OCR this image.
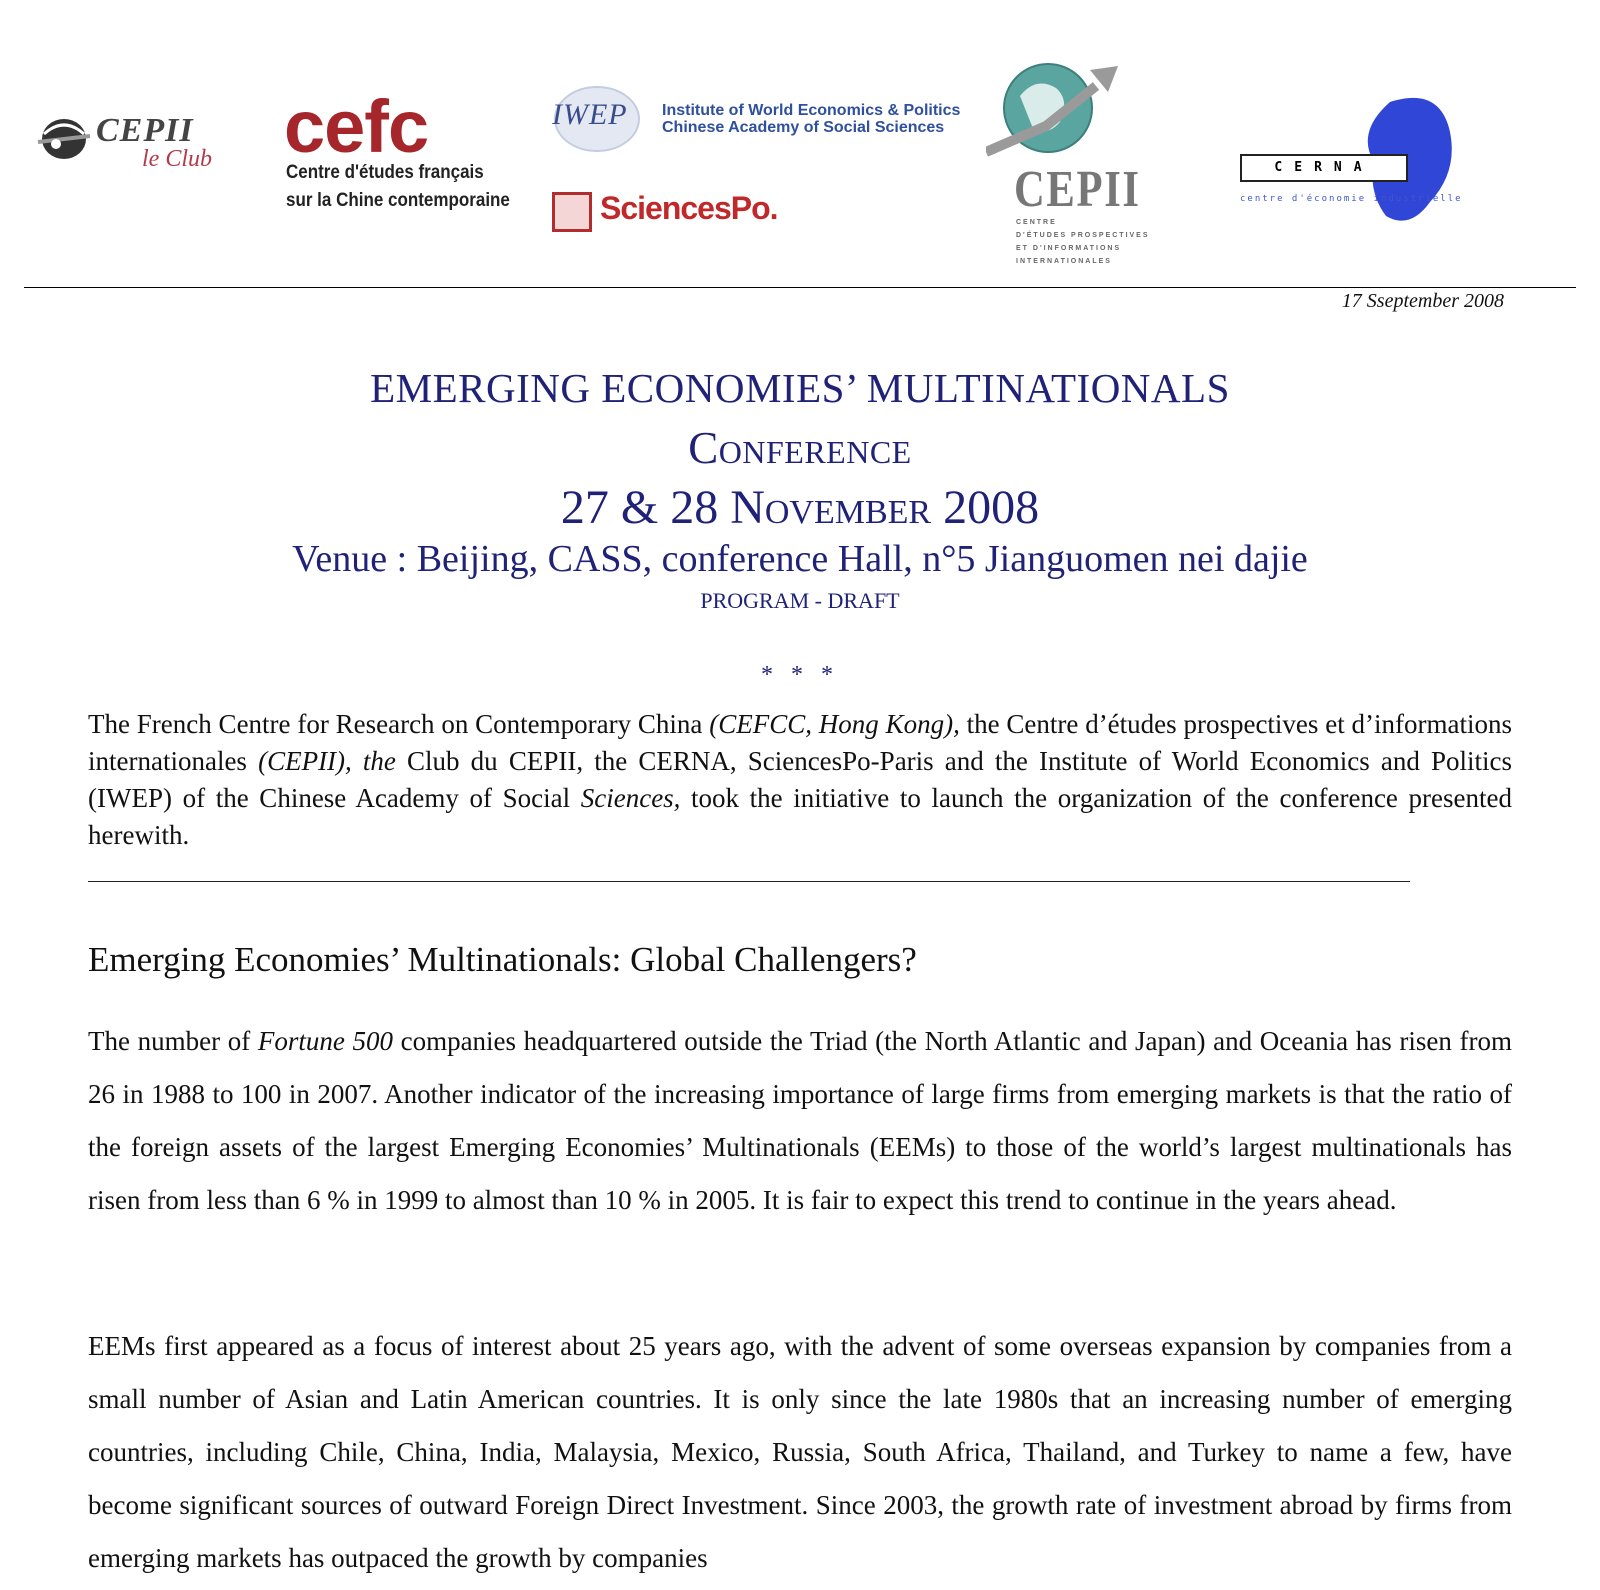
CEPII
le Club cefc
Centre d'études français
sur la Chine contemporaine
IWEP Institute of World Economics & Politics
Chinese Academy of Social Sciences
SciencesPo.	CEPII
CENTRE
D'ÉTUDES PROSPECTIVES
ET D'INFORMATIONS
INTERNATIONALES
CERNA
centre d'économie industrielle
17 Sseptember 2008
EMERGING ECONOMIES’ MULTINATIONALS
Conference
27 & 28 November 2008
Venue : Beijing, CASS, conference Hall, n°5 Jianguomen nei dajie
PROGRAM - DRAFT
* * *
The French Centre for Research on Contemporary China (CEFCC, Hong Kong), the Centre d’études prospectives et d’informations internationales (CEPII), the Club du CEPII, the CERNA, SciencesPo-Paris and the Institute of World Economics and Politics (IWEP) of the Chinese Academy of Social Sciences, took the initiative to launch the organization of the conference presented herewith.
Emerging Economies’ Multinationals: Global Challengers?
The number of Fortune 500 companies headquartered outside the Triad (the North Atlantic and Japan) and Oceania has risen from 26 in 1988 to 100 in 2007. Another indicator of the increasing importance of large firms from emerging markets is that the ratio of the foreign assets of the largest Emerging Economies’ Multinationals (EEMs) to those of the world’s largest multinationals has risen from less than 6 % in 1999 to almost than 10 % in 2005. It is fair to expect this trend to continue in the years ahead.
EEMs first appeared as a focus of interest about 25 years ago, with the advent of some overseas expansion by companies from a small number of Asian and Latin American countries. It is only since the late 1980s that an increasing number of emerging countries, including Chile, China, India, Malaysia, Mexico, Russia, South Africa, Thailand, and Turkey to name a few, have become significant sources of outward Foreign Direct Investment. Since 2003, the growth rate of investment abroad by firms from emerging markets has outpaced the growth by companies
